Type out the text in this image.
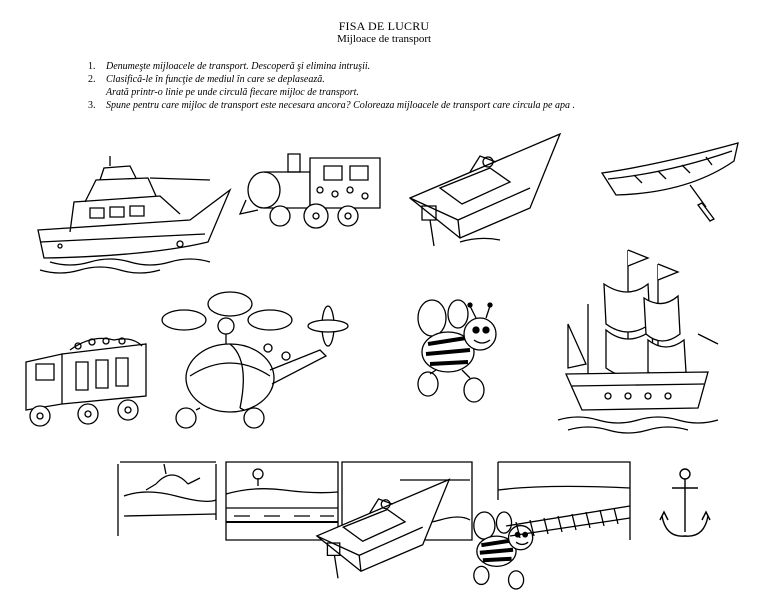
FISA DE LUCRU
Mijloace de transport
1. Denumeşte mijloacele de transport. Descoperă şi elimina intruşii.
2. Clasifică-le în funcţie de mediul în care se deplasează.
Arată printr-o linie pe unde circulă fiecare mijloc de transport.
3. Spune pentru care mijloc de transport este necesara ancora? Coloreaza mijloacele de transport care circula pe apa .
